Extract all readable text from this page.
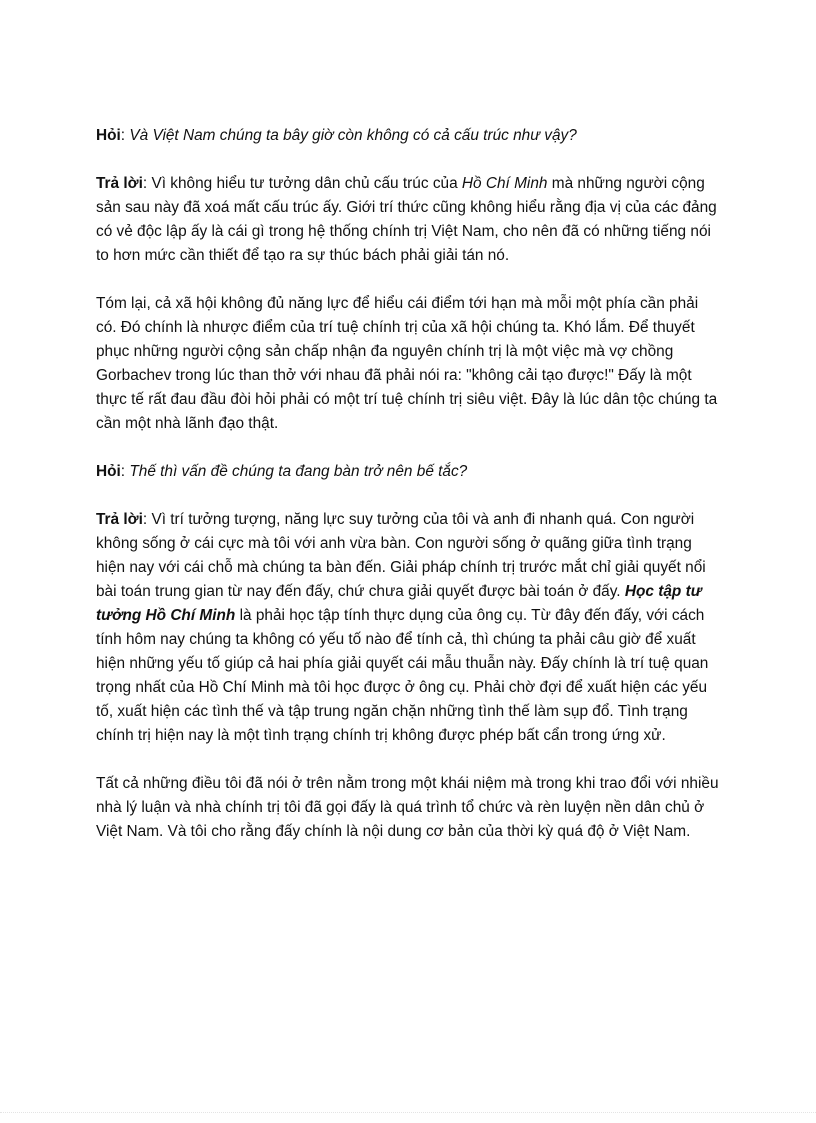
Hỏi: Và Việt Nam chúng ta bây giờ còn không có cả cấu trúc như vậy?

Trả lời: Vì không hiểu tư tưởng dân chủ cấu trúc của Hồ Chí Minh mà những người cộng sản sau này đã xoá mất cấu trúc ấy. Giới trí thức cũng không hiểu rằng địa vị của các đảng có vẻ độc lập ấy là cái gì trong hệ thống chính trị Việt Nam, cho nên đã có những tiếng nói to hơn mức cần thiết để tạo ra sự thúc bách phải giải tán nó.

Tóm lại, cả xã hội không đủ năng lực để hiểu cái điểm tới hạn mà mỗi một phía cần phải có. Đó chính là nhược điểm của trí tuệ chính trị của xã hội chúng ta. Khó lắm. Để thuyết phục những người cộng sản chấp nhận đa nguyên chính trị là một việc mà vợ chồng Gorbachev trong lúc than thở với nhau đã phải nói ra: "không cải tạo được!" Đấy là một thực tế rất đau đầu đòi hỏi phải có một trí tuệ chính trị siêu việt. Đây là lúc dân tộc chúng ta cần một nhà lãnh đạo thật.

Hỏi: Thế thì vấn đề chúng ta đang bàn trở nên bế tắc?

Trả lời: Vì trí tưởng tượng, năng lực suy tưởng của tôi và anh đi nhanh quá. Con người không sống ở cái cực mà tôi với anh vừa bàn. Con người sống ở quãng giữa tình trạng hiện nay với cái chỗ mà chúng ta bàn đến. Giải pháp chính trị trước mắt chỉ giải quyết nổi bài toán trung gian từ nay đến đấy, chứ chưa giải quyết được bài toán ở đấy. Học tập tư tưởng Hồ Chí Minh là phải học tập tính thực dụng của ông cụ. Từ đây đến đấy, với cách tính hôm nay chúng ta không có yếu tố nào để tính cả, thì chúng ta phải câu giờ để xuất hiện những yếu tố giúp cả hai phía giải quyết cái mẫu thuẫn này. Đấy chính là trí tuệ quan trọng nhất của Hồ Chí Minh mà tôi học được ở ông cụ. Phải chờ đợi để xuất hiện các yếu tố, xuất hiện các tình thế và tập trung ngăn chặn những tình thế làm sụp đổ. Tình trạng chính trị hiện nay là một tình trạng chính trị không được phép bất cẩn trong ứng xử.

Tất cả những điều tôi đã nói ở trên nằm trong một khái niệm mà trong khi trao đổi với nhiều nhà lý luận và nhà chính trị tôi đã gọi đấy là quá trình tổ chức và rèn luyện nền dân chủ ở Việt Nam. Và tôi cho rằng đấy chính là nội dung cơ bản của thời kỳ quá độ ở Việt Nam.
